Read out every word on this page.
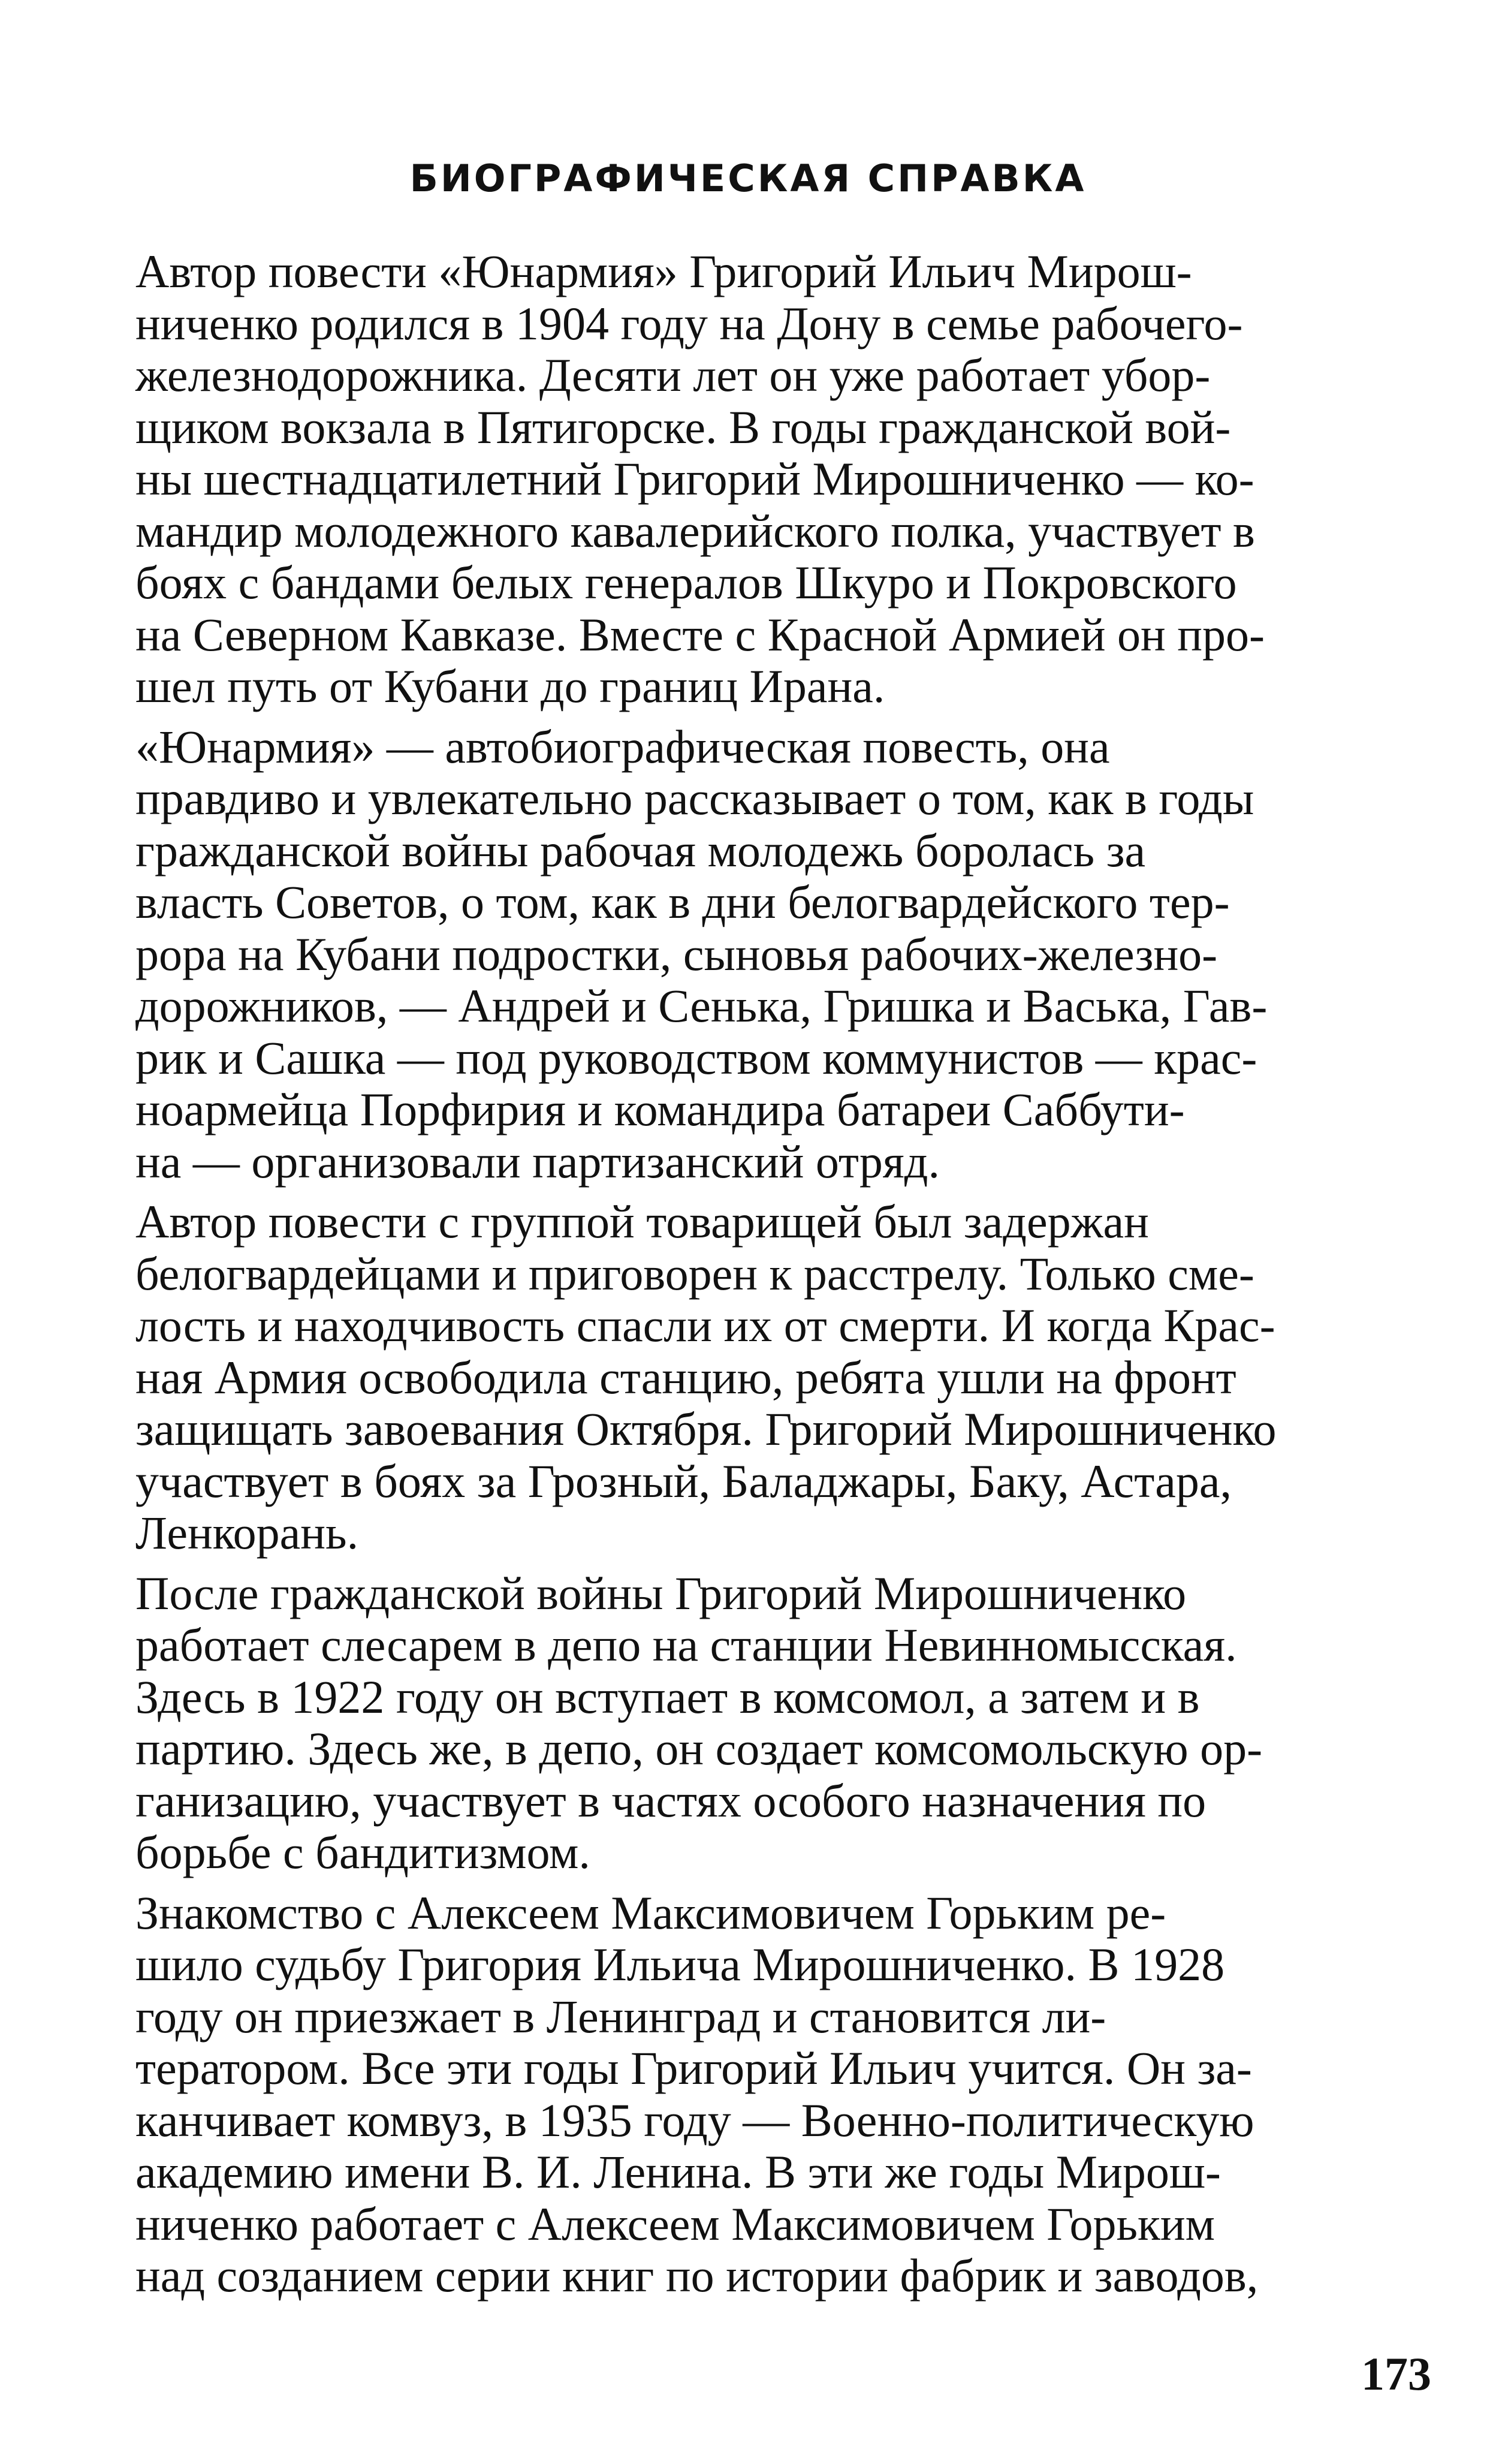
БИОГРАФИЧЕСКАЯ СПРАВКА

Автор повести «Юнармия» Григорий Ильич Мирош-
ниченко родился в 1904 году на Дону в семье рабочего-
железнодорожника. Десяти лет он уже работает убор-
щиком вокзала в Пятигорске. В годы гражданской вой-
ны шестнадцатилетний Григорий Мирошниченко — ко-
мандир молодежного кавалерийского полка, участвует в
боях с бандами белых генералов Шкуро и Покровского
на Северном Кавказе. Вместе с Красной Армией он про-
шел путь от Кубани до границ Ирана.

«Юнармия» — автобиографическая повесть, она
правдиво и увлекательно рассказывает о том, как в годы
гражданской войны рабочая молодежь боролась за
власть Советов, о том, как в дни белогвардейского тер-
рора на Кубани подростки, сыновья рабочих-железно-
дорожников, — Андрей и Сенька, Гришка и Васька, Гав-
рик и Сашка — под руководством коммунистов — крас-
ноармейца Порфирия и командира батареи Саббути-
на — организовали партизанский отряд.

Автор повести с группой товарищей был задержан
белогвардейцами и приговорен к расстрелу. Только сме-
лость и находчивость спасли их от смерти. И когда Крас-
ная Армия освободила станцию, ребята ушли на фронт
защищать завоевания Октября. Григорий Мирошниченко
участвует в боях за Грозный, Баладжары, Баку, Астара,
Ленкорань.

После гражданской войны Григорий Мирошниченко
работает слесарем в депо на станции Невинномысская.
Здесь в 1922 году он вступает в комсомол, а затем и в
партию. Здесь же, в депо, он создает комсомольскую ор-
ганизацию, участвует в частях особого назначения по
борьбе с бандитизмом.

Знакомство с Алексеем Максимовичем Горьким ре-
шило судьбу Григория Ильича Мирошниченко. В 1928
году он приезжает в Ленинград и становится ли-
тератором. Все эти годы Григорий Ильич учится. Он за-
канчивает комвуз, в 1935 году — Военно-политическую
академию имени В. И. Ленина. В эти же годы Мирош-
ниченко работает с Алексеем Максимовичем Горьким
над созданием серии книг по истории фабрик и заводов,

173
